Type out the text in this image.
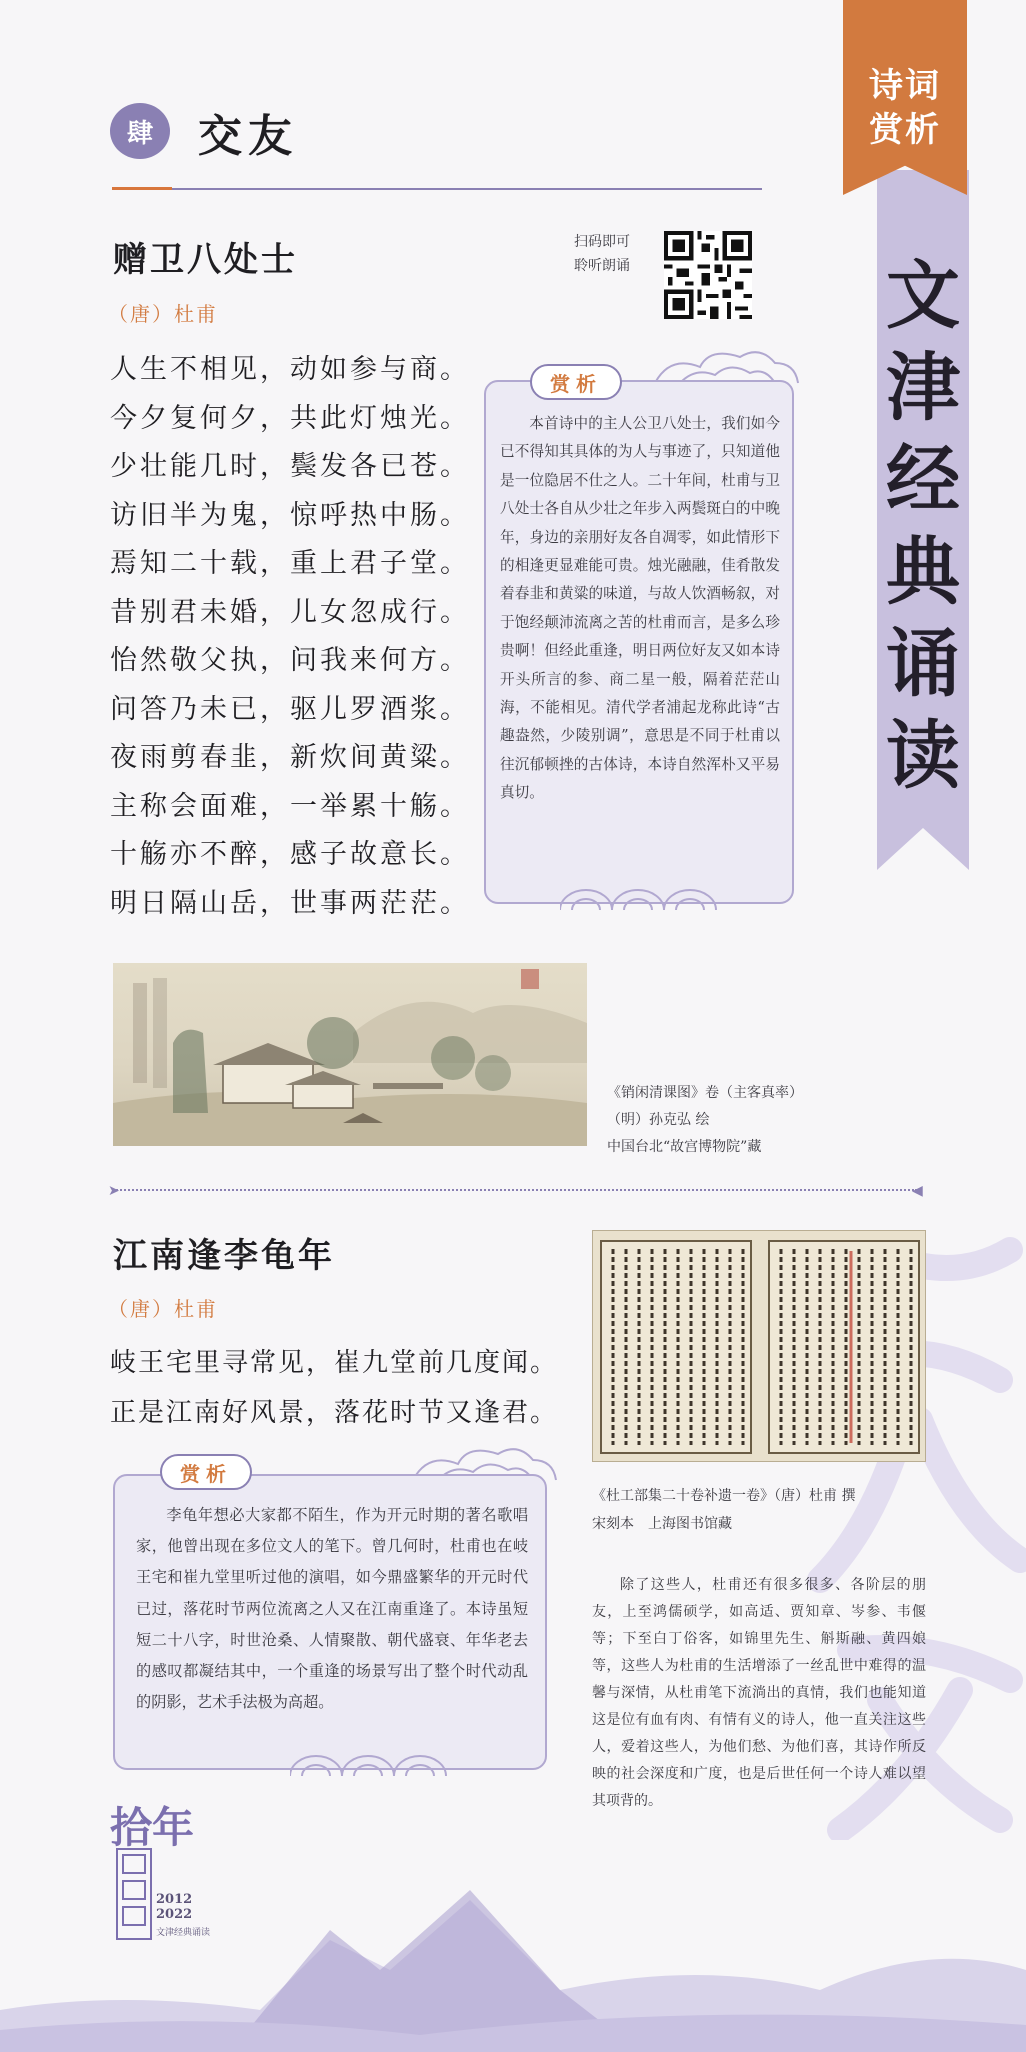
肆	交友
诗词
赏析
文
津
经
典
诵
读
赠卫八处士
（唐）杜甫
扫码即可
聆听朗诵
人生不相见，动如参与商。
今夕复何夕，共此灯烛光。
少壮能几时，鬓发各已苍。
访旧半为鬼，惊呼热中肠。
焉知二十载，重上君子堂。
昔别君未婚，儿女忽成行。
怡然敬父执，问我来何方。
问答乃未已，驱儿罗酒浆。
夜雨剪春韭，新炊间黄粱。
主称会面难，一举累十觞。
十觞亦不醉，感子故意长。
明日隔山岳，世事两茫茫。
赏析
本首诗中的主人公卫八处士，我们如今已不得知其具体的为人与事迹了，只知道他是一位隐居不仕之人。二十年间，杜甫与卫八处士各自从少壮之年步入两鬓斑白的中晚年，身边的亲朋好友各自凋零，如此情形下的相逢更显难能可贵。烛光融融，佳肴散发着春韭和黄粱的味道，与故人饮酒畅叙，对于饱经颠沛流离之苦的杜甫而言，是多么珍贵啊！但经此重逢，明日两位好友又如本诗开头所言的参、商二星一般，隔着茫茫山海，不能相见。清代学者浦起龙称此诗“古趣盎然，少陵别调”，意思是不同于杜甫以往沉郁顿挫的古体诗，本诗自然浑朴又平易真切。
《销闲清课图》卷（主客真率）
（明）孙克弘 绘
中国台北“故宫博物院”藏
➤	◀
江南逢李龟年
（唐）杜甫
岐王宅里寻常见，崔九堂前几度闻。
正是江南好风景，落花时节又逢君。
《杜工部集二十卷补遗一卷》（唐）杜甫 撰
宋刻本　上海图书馆藏
赏析
李龟年想必大家都不陌生，作为开元时期的著名歌唱家，他曾出现在多位文人的笔下。曾几何时，杜甫也在岐王宅和崔九堂里听过他的演唱，如今鼎盛繁华的开元时代已过，落花时节两位流离之人又在江南重逢了。本诗虽短短二十八字，时世沧桑、人情聚散、朝代盛衰、年华老去的感叹都凝结其中，一个重逢的场景写出了整个时代动乱的阴影，艺术手法极为高超。
除了这些人，杜甫还有很多很多、各阶层的朋友，上至鸿儒硕学，如高适、贾知章、岑参、韦偃等；下至白丁俗客，如锦里先生、斛斯融、黄四娘等，这些人为杜甫的生活增添了一丝乱世中难得的温馨与深情，从杜甫笔下流淌出的真情，我们也能知道这是位有血有肉、有情有义的诗人，他一直关注这些人，爱着这些人，为他们愁、为他们喜，其诗作所反映的社会深度和广度，也是后世任何一个诗人难以望其项背的。
拾年
2012
2022
文津经典诵读
